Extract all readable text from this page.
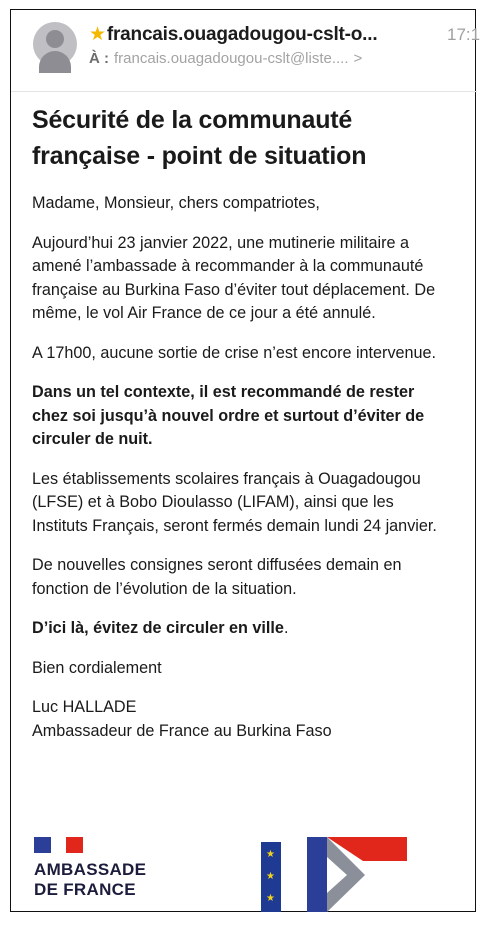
★francais.ouagadougou-cslt-o...	17:1
À : francais.ouagadougou-cslt@liste.... >
Sécurité de la communauté
française - point de situation
Madame, Monsieur, chers compatriotes,
Aujourd’hui 23 janvier 2022, une mutinerie militaire a
amené l’ambassade à recommander à la communauté
française au Burkina Faso d’éviter tout déplacement. De
même, le vol Air France de ce jour a été annulé.
A 17h00, aucune sortie de crise n’est encore intervenue.
Dans un tel contexte, il est recommandé de rester
chez soi jusqu’à nouvel ordre et surtout d’éviter de
circuler de nuit.
Les établissements scolaires français à Ouagadougou
(LFSE) et à Bobo Dioulasso (LIFAM), ainsi que les
Instituts Français, seront fermés demain lundi 24 janvier.
De nouvelles consignes seront diffusées demain en
fonction de l’évolution de la situation.
D’ici là, évitez de circuler en ville.
Bien cordialement
Luc HALLADE
Ambassadeur de France au Burkina Faso
AMBASSADE
DE FRANCE
★
★
★
